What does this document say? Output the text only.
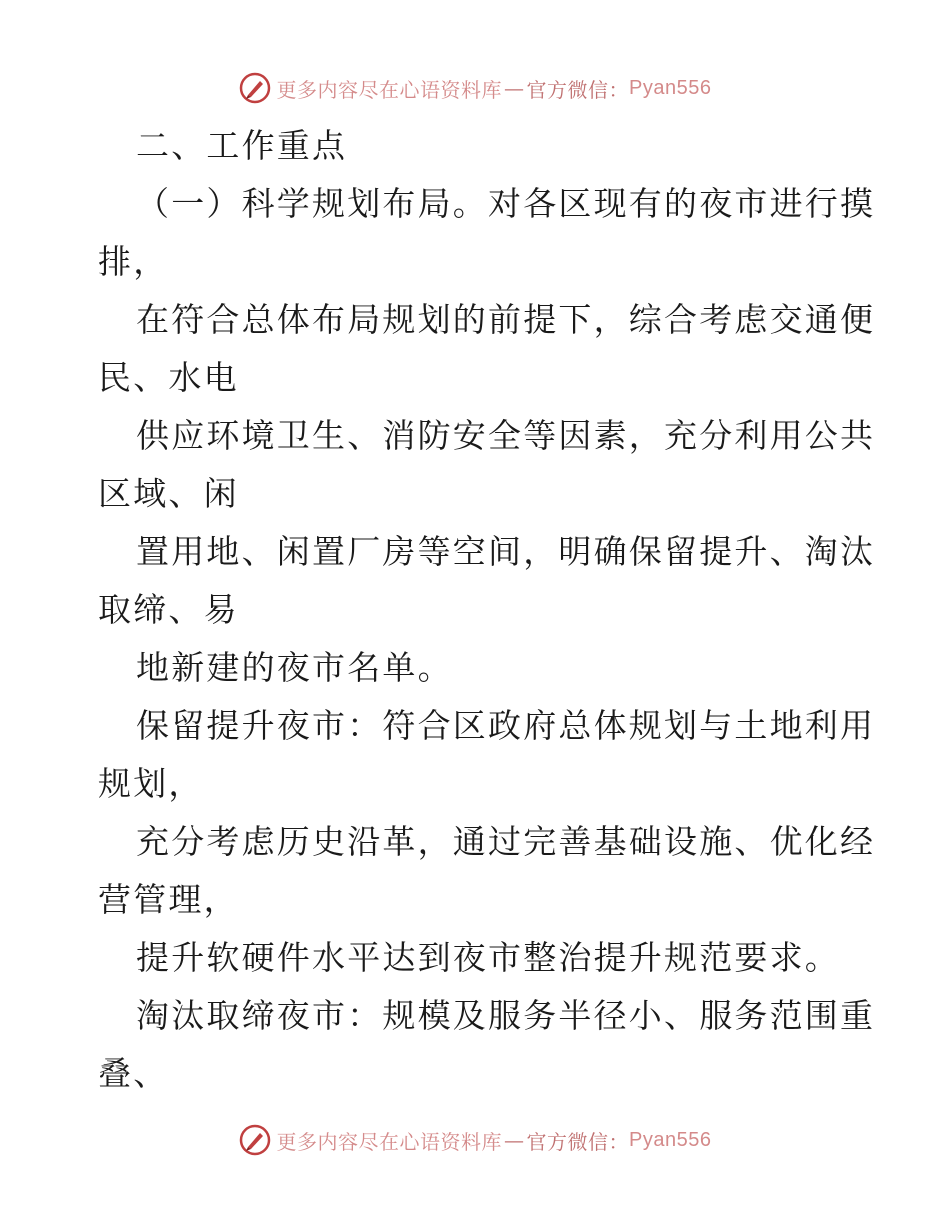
更多内容尽在心语资料库 — 官方微信： Pyan556
二、工作重点
（一）科学规划布局。对各区现有的夜市进行摸
排，
在符合总体布局规划的前提下，综合考虑交通便
民、水电
供应环境卫生、消防安全等因素，充分利用公共
区域、闲
置用地、闲置厂房等空间，明确保留提升、淘汰
取缔、易
地新建的夜市名单。
保留提升夜市：符合区政府总体规划与土地利用
规划，
充分考虑历史沿革，通过完善基础设施、优化经
营管理，
提升软硬件水平达到夜市整治提升规范要求。
淘汰取缔夜市：规模及服务半径小、服务范围重
叠、
更多内容尽在心语资料库 — 官方微信： Pyan556
